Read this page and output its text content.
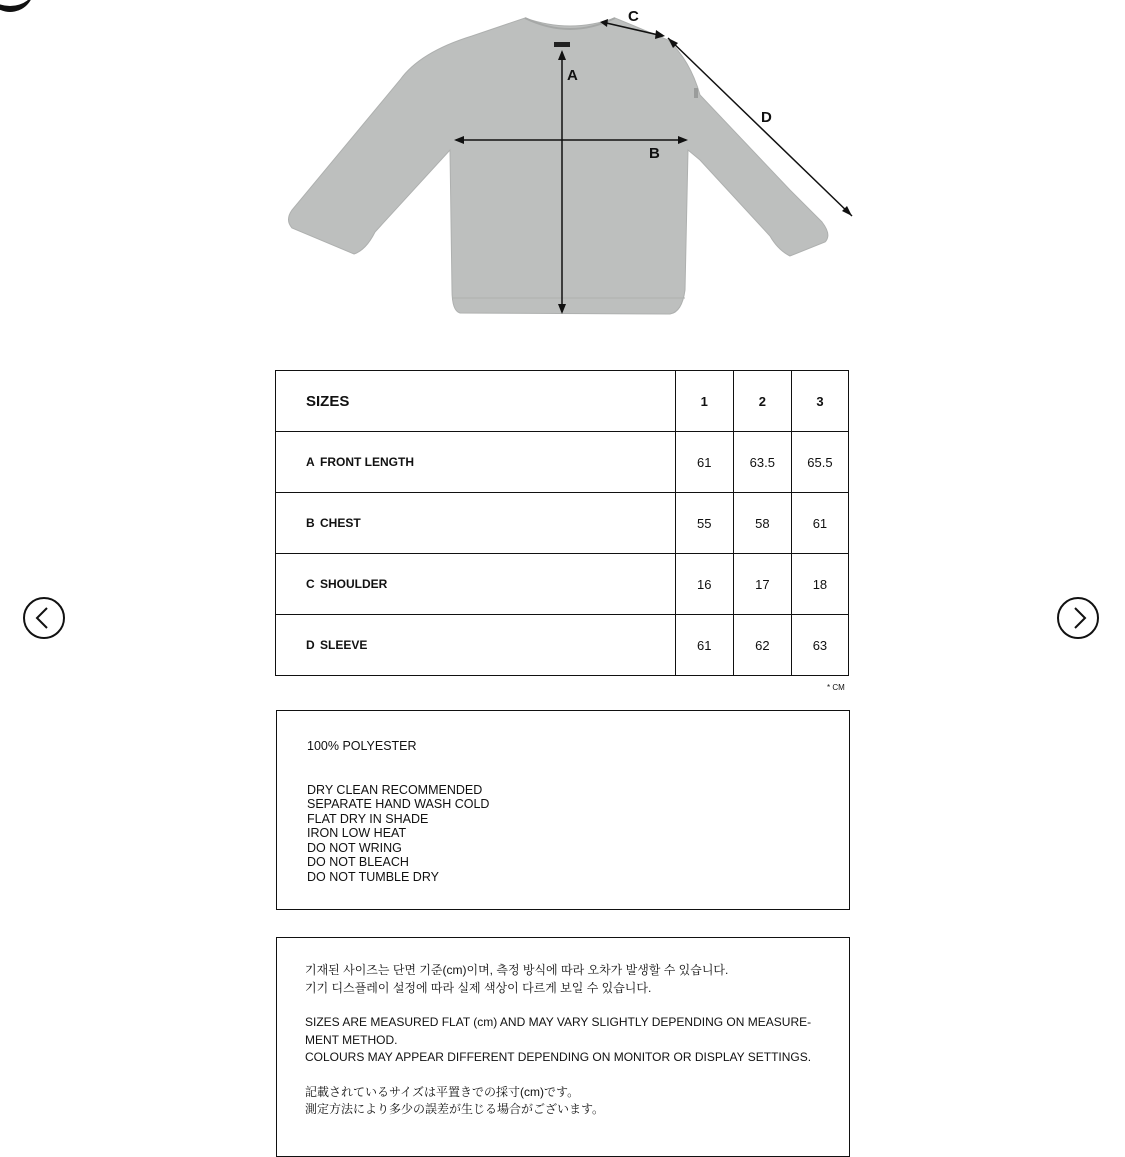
A
B
C
D
SIZES	1	2	3
A FRONT LENGTH	61	63.5	65.5
B CHEST	55	58	61
C SHOULDER	16	17	18
D SLEEVE	61	62	63
* CM
100% POLYESTER
DRY CLEAN RECOMMENDED
SEPARATE HAND WASH COLD
FLAT DRY IN SHADE
IRON LOW HEAT
DO NOT WRING
DO NOT BLEACH
DO NOT TUMBLE DRY

기재된 사이즈는 단면 기준(cm)이며, 측정 방식에 따라 오차가 발생할 수 있습니다.
기기 디스플레이 설정에 따라 실제 색상이 다르게 보일 수 있습니다.

SIZES ARE MEASURED FLAT (cm) AND MAY VARY SLIGHTLY DEPENDING ON MEASURE-
MENT METHOD.
COLOURS MAY APPEAR DIFFERENT DEPENDING ON MONITOR OR DISPLAY SETTINGS.

記載されているサイズは平置きでの採寸(cm)です。
測定方法により多少の誤差が生じる場合がございます。
